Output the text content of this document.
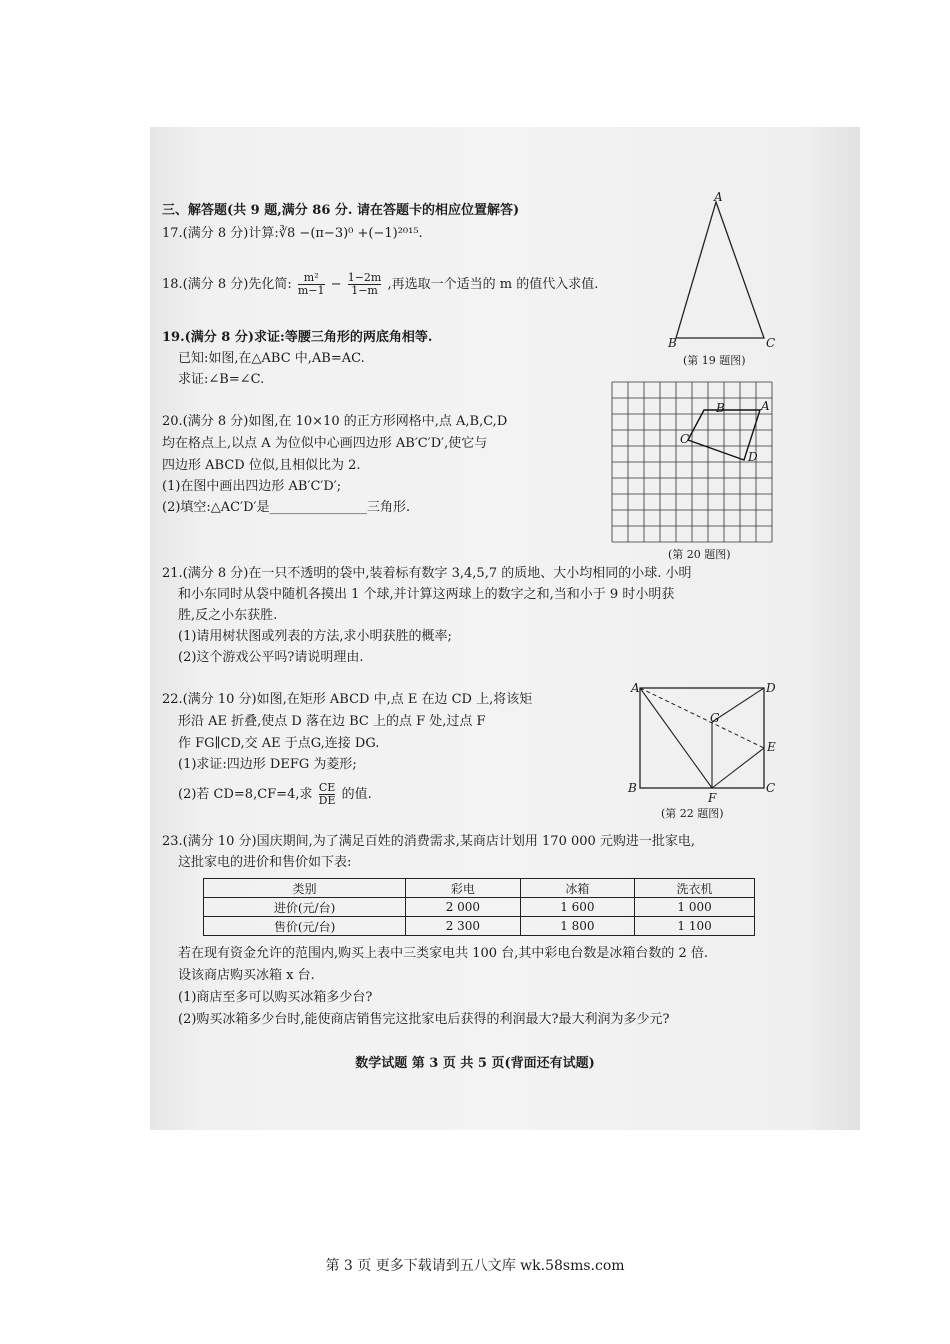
三、解答题(共 9 题,满分 86 分. 请在答题卡的相应位置解答)
17.(满分 8 分)计算:∛8 −(π−3)⁰ +(−1)²⁰¹⁵.
18.(满分 8 分)先化简: $\frac{\text{m²}}{m-1} - \frac{1-2m}{1-m}$ ,再选取一个适当的 m 的值代入求值.
19.(满分 8 分)求证:等腰三角形的两底角相等.
已知:如图,在△ABC 中,AB=AC.
求证:∠B=∠C.
A
B	C
(第 19 题图)
20.(满分 8 分)如图,在 10×10 的正方形网格中,点 A,B,C,D
均在格点上,以点 A 为位似中心画四边形 AB′C′D′,使它与
四边形 ABCD 位似,且相似比为 2.
(1)在图中画出四边形 AB′C′D′;
(2)填空:△AC′D′是_______________三角形.
B	A
C
D
(第 20 题图)
21.(满分 8 分)在一只不透明的袋中,装着标有数字 3,4,5,7 的质地、大小均相同的小球. 小明
和小东同时从袋中随机各摸出 1 个球,并计算这两球上的数字之和,当和小于 9 时小明获
胜,反之小东获胜.
(1)请用树状图或列表的方法,求小明获胜的概率;
(2)这个游戏公平吗?请说明理由.
22.(满分 10 分)如图,在矩形 ABCD 中,点 E 在边 CD 上,将该矩
形沿 AE 折叠,使点 D 落在边 BC 上的点 F 处,过点 F
作 FG∥CD,交 AE 于点G,连接 DG.
(1)求证:四边形 DEFG 为菱形;
(2)若 CD=8,CF=4,求 $\frac{CE}{DE}$ 的值.
A	D
G
E
B
F
C
(第 22 题图)
23.(满分 10 分)国庆期间,为了满足百姓的消费需求,某商店计划用 170 000 元购进一批家电,
这批家电的进价和售价如下表:
类别	彩电	冰箱	洗衣机
进价(元/台)	2 000	1 600	1 000
售价(元/台)	2 300	1 800	1 100
若在现有资金允许的范围内,购买上表中三类家电共 100 台,其中彩电台数是冰箱台数的 2 倍.
设该商店购买冰箱 x 台.
(1)商店至多可以购买冰箱多少台?
(2)购买冰箱多少台时,能使商店销售完这批家电后获得的利润最大?最大利润为多少元?
数学试题 第 3 页 共 5 页(背面还有试题)
第 3 页 更多下载请到五八文库 wk.58sms.com
